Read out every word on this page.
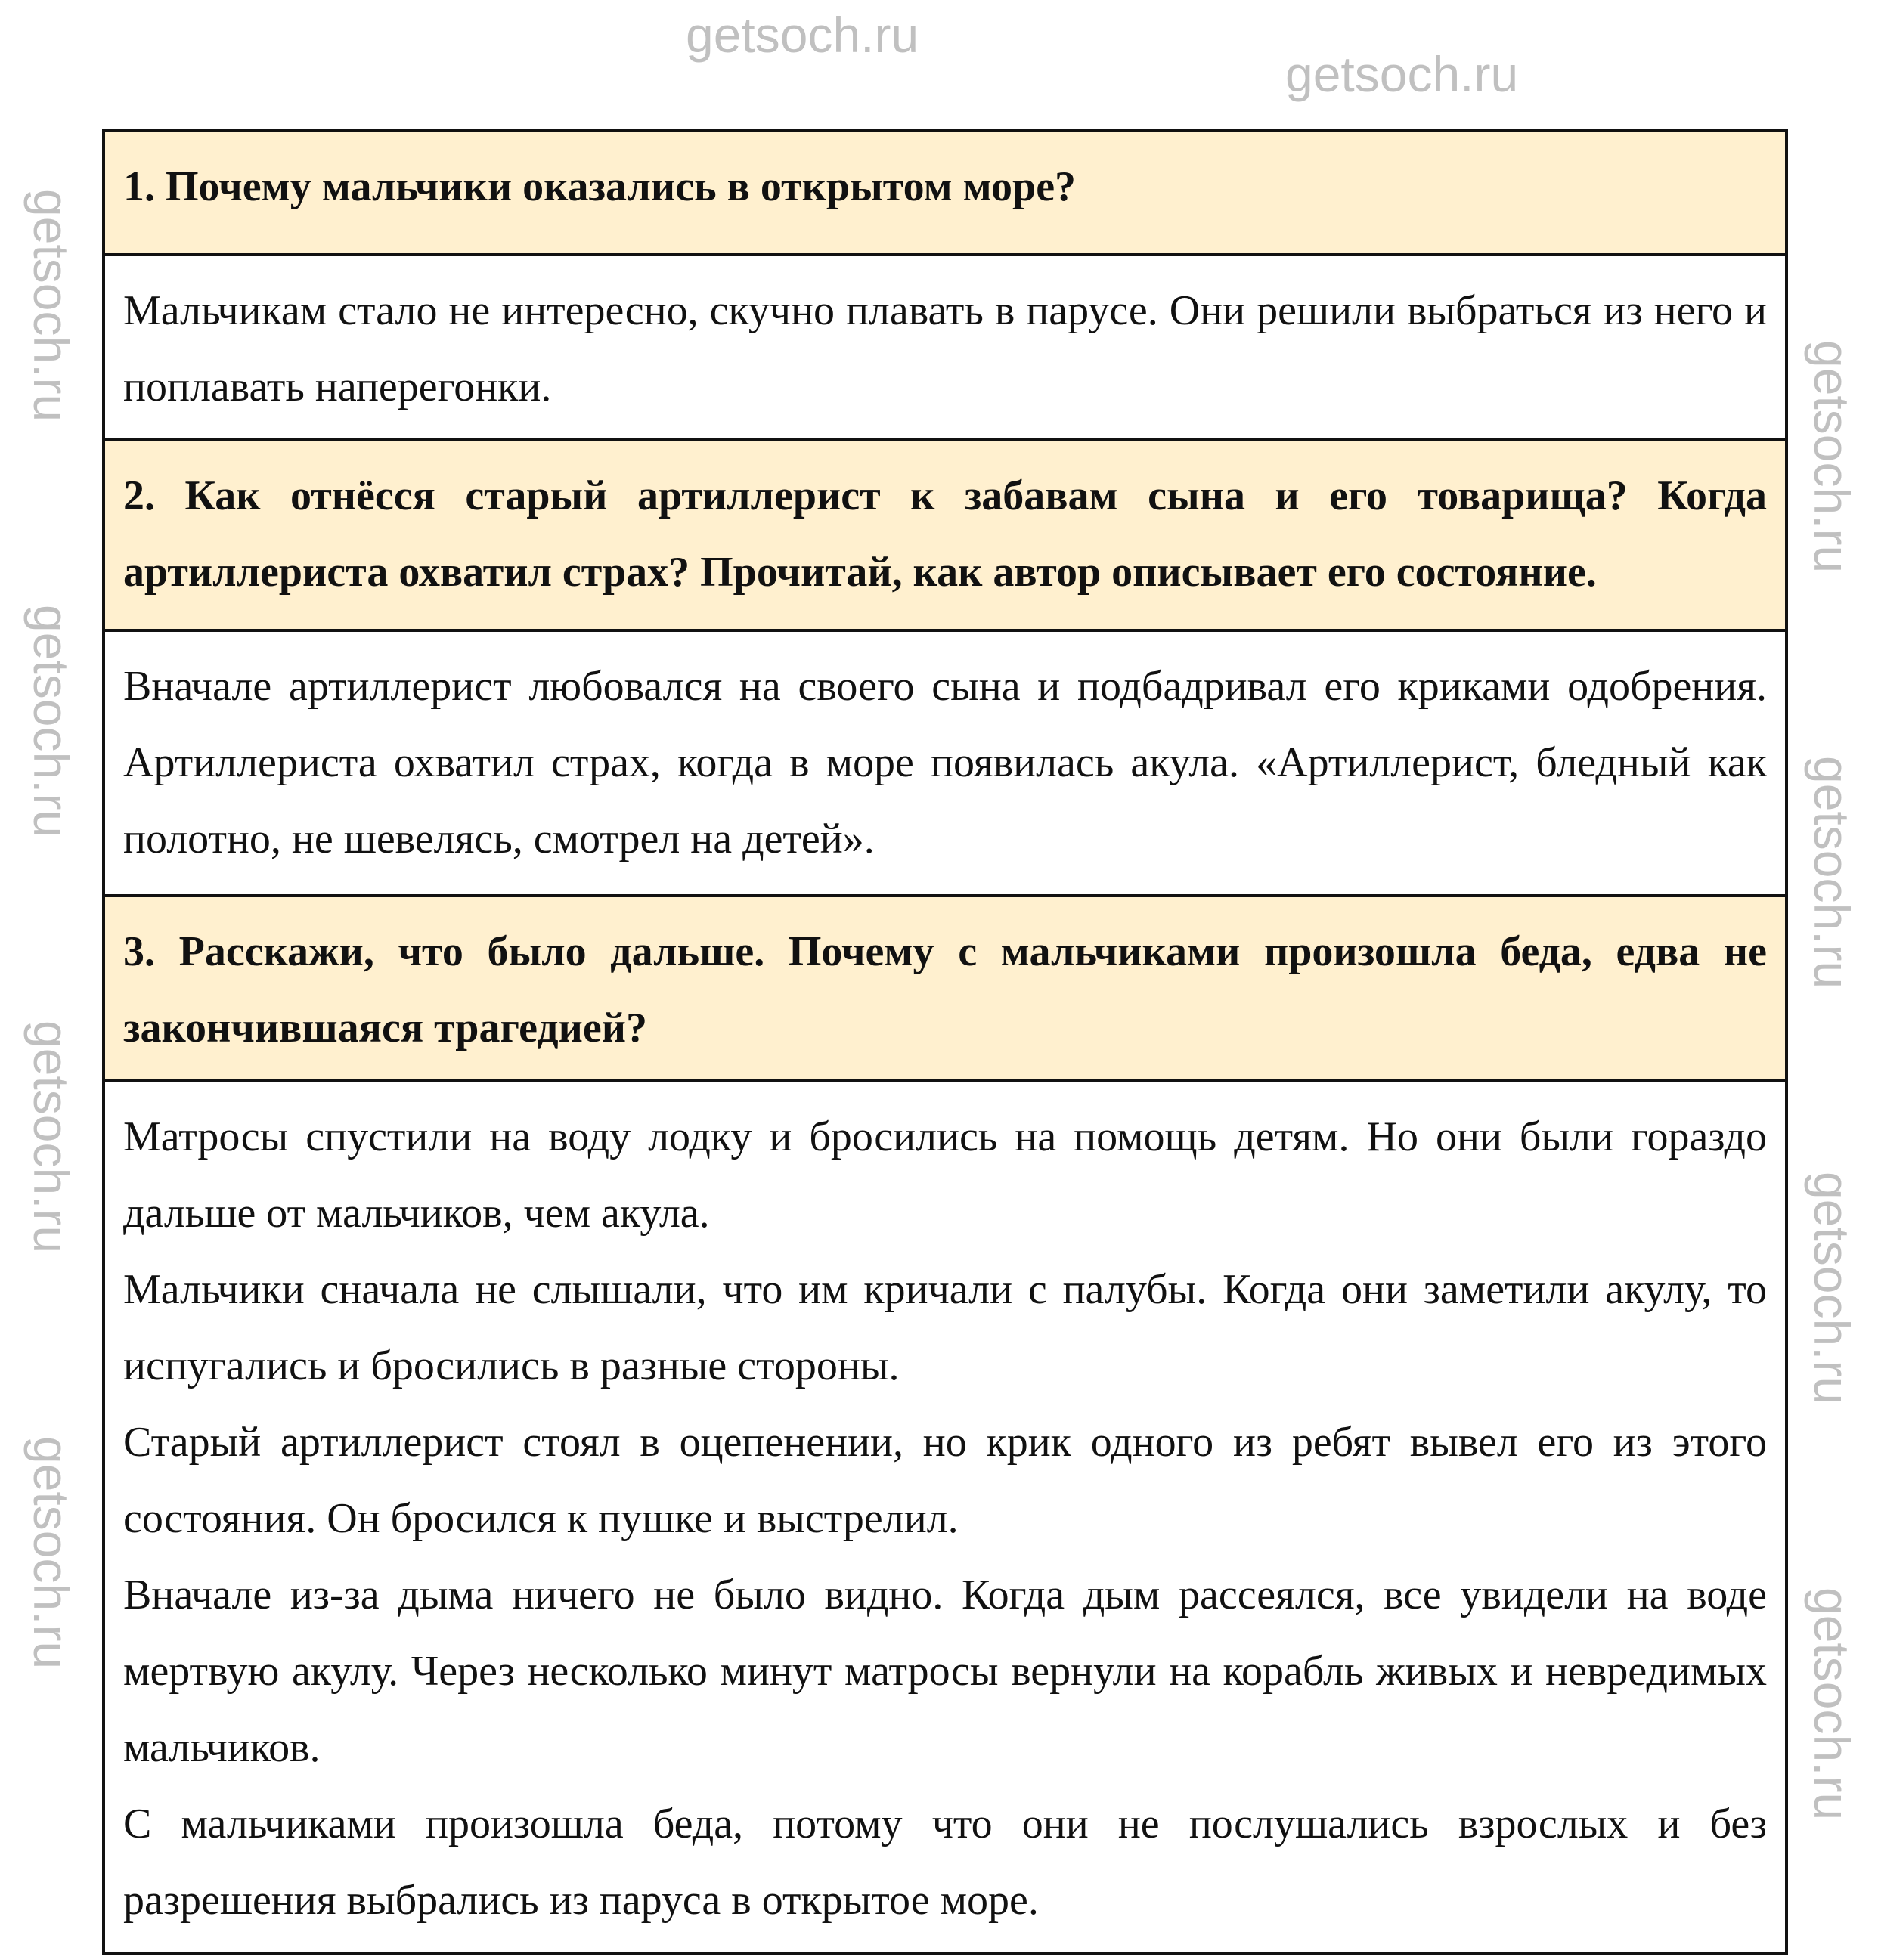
1. Почему мальчики оказались в открытом море?

Мальчикам стало не интересно, скучно плавать в парусе. Они решили выбраться из него и поплавать наперегонки.

2. Как отнёсся старый артиллерист к забавам сына и его товарища? Когда артиллериста охватил страх? Прочитай, как автор описывает его состояние.

Вначале артиллерист любовался на своего сына и подбадривал его криками одобрения. Артиллериста охватил страх, когда в море появилась акула. «Артиллерист, бледный как полотно, не шевелясь, смотрел на детей».

3. Расскажи, что было дальше. Почему с мальчиками произошла беда, едва не закончившаяся трагедией?

Матросы спустили на воду лодку и бросились на помощь детям. Но они были гораздо дальше от мальчиков, чем акула.

Мальчики сначала не слышали, что им кричали с палубы. Когда они заметили акулу, то испугались и бросились в разные стороны.

Старый артиллерист стоял в оцепенении, но крик одного из ребят вывел его из этого состояния. Он бросился к пушке и выстрелил.

Вначале из-за дыма ничего не было видно. Когда дым рассеялся, все увидели на воде мертвую акулу. Через несколько минут матросы вернули на корабль живых и невредимых мальчиков.

С мальчиками произошла беда, потому что они не послушались взрослых и без разрешения выбрались из паруса в открытое море.

getsoch.ru
getsoch.ru
getsoch.ru
getsoch.ru
getsoch.ru
getsoch.ru
getsoch.ru
getsoch.ru
getsoch.ru
getsoch.ru
